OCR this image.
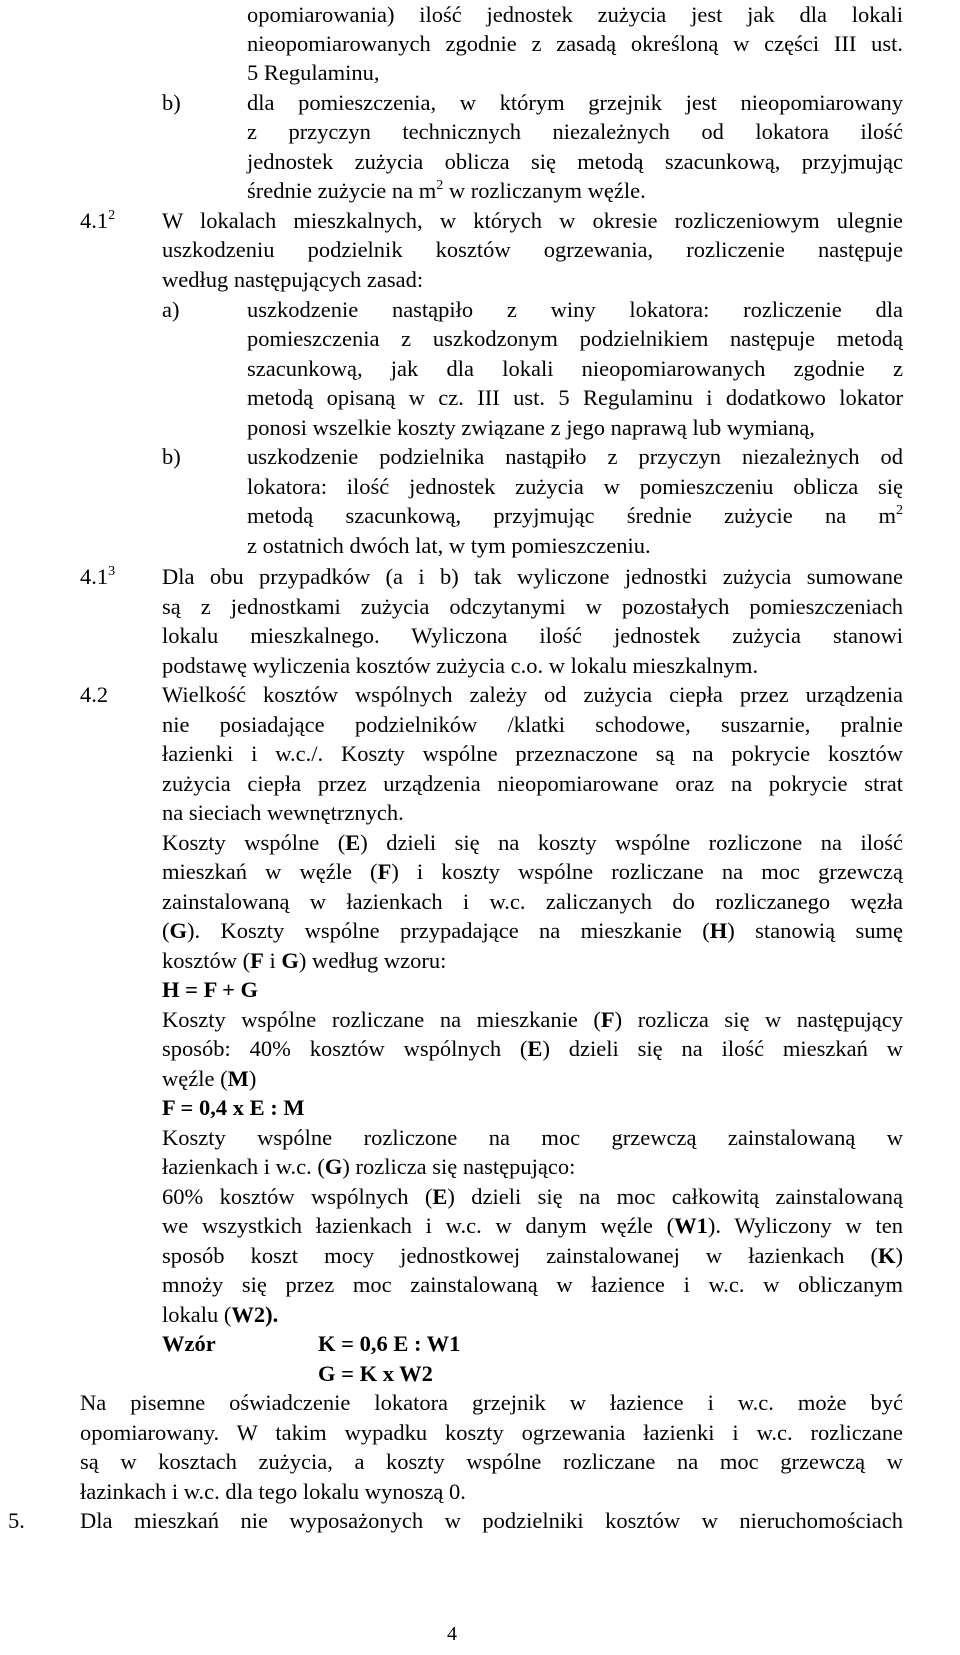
b)
$4.1^2$
a)
b)
$4.1^3$
4.2
5.
opomiarowania) ilość jednostek zużycia jest jak dla lokali
nieopomiarowanych zgodnie z zasadą określoną w części III ust.
5 Regulaminu,
dla pomieszczenia, w którym grzejnik jest nieopomiarowany
z przyczyn technicznych niezależnych od lokatora ilość
jednostek zużycia oblicza się metodą szacunkową, przyjmując
średnie zużycie na $m^2$ w rozliczanym węźle.
W lokalach mieszkalnych, w których w okresie rozliczeniowym ulegnie
uszkodzeniu podzielnik kosztów ogrzewania, rozliczenie następuje
według następujących zasad:
uszkodzenie nastąpiło z winy lokatora: rozliczenie dla
pomieszczenia z uszkodzonym podzielnikiem następuje metodą
szacunkową, jak dla lokali nieopomiarowanych zgodnie z
metodą opisaną w cz. III ust. 5 Regulaminu i dodatkowo lokator
ponosi wszelkie koszty związane z jego naprawą lub wymianą,
uszkodzenie podzielnika nastąpiło z przyczyn niezależnych od
lokatora: ilość jednostek zużycia w pomieszczeniu oblicza się
metodą szacunkową, przyjmując średnie zużycie na $m^2$
z ostatnich dwóch lat, w tym pomieszczeniu.
Dla obu przypadków (a i b) tak wyliczone jednostki zużycia sumowane
są z jednostkami zużycia odczytanymi w pozostałych pomieszczeniach
lokalu mieszkalnego. Wyliczona ilość jednostek zużycia stanowi
podstawę wyliczenia kosztów zużycia c.o. w lokalu mieszkalnym.
Wielkość kosztów wspólnych zależy od zużycia ciepła przez urządzenia
nie posiadające podzielników /klatki schodowe, suszarnie, pralnie
łazienki i w.c./. Koszty wspólne przeznaczone są na pokrycie kosztów
zużycia ciepła przez urządzenia nieopomiarowane oraz na pokrycie strat
na sieciach wewnętrznych.
Koszty wspólne (E) dzieli się na koszty wspólne rozliczone na ilość
mieszkań w węźle (F) i koszty wspólne rozliczane na moc grzewczą
zainstalowaną w łazienkach i w.c. zaliczanych do rozliczanego węzła
(G). Koszty wspólne przypadające na mieszkanie (H) stanowią sumę
kosztów (F i G) według wzoru:
H = F + G
Koszty wspólne rozliczane na mieszkanie (F) rozlicza się w następujący
sposób: 40% kosztów wspólnych (E) dzieli się na ilość mieszkań w
węźle (M)
F = 0,4 x E : M
Koszty wspólne rozliczone na moc grzewczą zainstalowaną w
łazienkach i w.c. (G) rozlicza się następująco:
60% kosztów wspólnych (E) dzieli się na moc całkowitą zainstalowaną
we wszystkich łazienkach i w.c. w danym węźle (W1). Wyliczony w ten
sposób koszt mocy jednostkowej zainstalowanej w łazienkach (K)
mnoży się przez moc zainstalowaną w łazience i w.c. w obliczanym
lokalu (W2).
Wzór	K = 0,6 E : W1
G = K x W2
Na pisemne oświadczenie lokatora grzejnik w łazience i w.c. może być
opomiarowany. W takim wypadku koszty ogrzewania łazienki i w.c. rozliczane
są w kosztach zużycia, a koszty wspólne rozliczane na moc grzewczą w
łazinkach i w.c. dla tego lokalu wynoszą 0.
Dla mieszkań nie wyposażonych w podzielniki kosztów w nieruchomościach
4
